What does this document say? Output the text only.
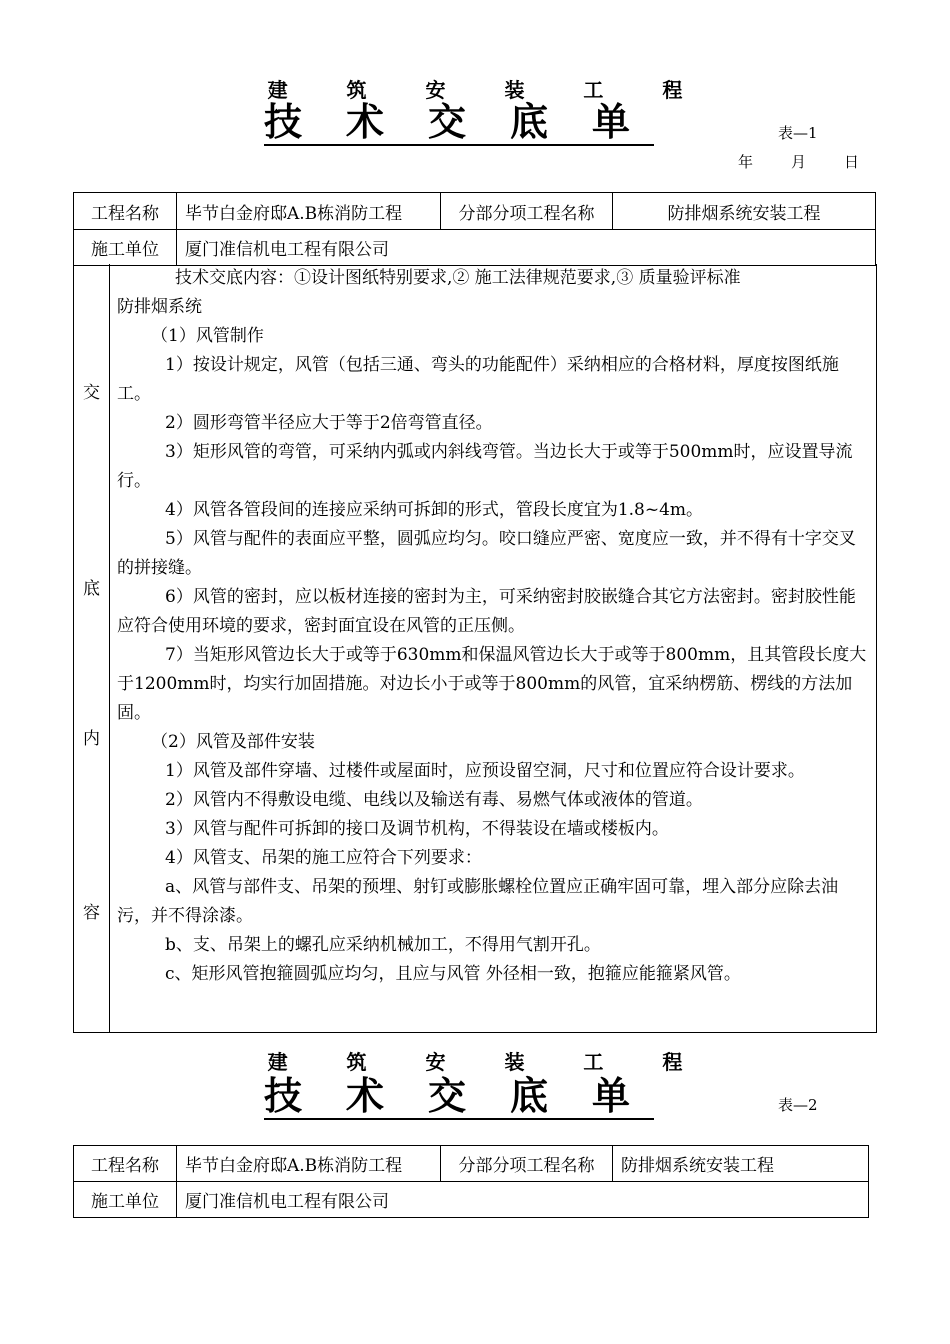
建 筑 安 装 工 程
技术交底单	表—1
年	月	日
工程名称	毕节白金府邸A.B栋消防工程	分部分项工程名称	防排烟系统安装工程
施工单位	厦门准信机电工程有限公司		
交
底
内
容

技术交底内容：①设计图纸特别要求,② 施工法律规范要求,③ 质量验评标准

防排烟系统

（1）风管制作

1）按设计规定，风管（包括三通、弯头的功能配件）采纳相应的合格材料，厚度按图纸施工。

2）圆形弯管半径应大于等于2倍弯管直径。

3）矩形风管的弯管，可采纳内弧或内斜线弯管。当边长大于或等于500mm时，应设置导流行。

4）风管各管段间的连接应采纳可拆卸的形式，管段长度宜为1.8~4m。

5）风管与配件的表面应平整，圆弧应均匀。咬口缝应严密、宽度应一致，并不得有十字交叉的拼接缝。

6）风管的密封，应以板材连接的密封为主，可采纳密封胶嵌缝合其它方法密封。密封胶性能应符合使用环境的要求，密封面宜设在风管的正压侧。

7）当矩形风管边长大于或等于630mm和保温风管边长大于或等于800mm，且其管段长度大于1200mm时，均实行加固措施。对边长小于或等于800mm的风管，宜采纳楞筋、楞线的方法加固。

（2）风管及部件安装

1）风管及部件穿墙、过楼件或屋面时，应预设留空洞，尺寸和位置应符合设计要求。

2）风管内不得敷设电缆、电线以及输送有毒、易燃气体或液体的管道。

3）风管与配件可拆卸的接口及调节机构，不得装设在墙或楼板内。

4）风管支、吊架的施工应符合下列要求：

a、风管与部件支、吊架的预埋、射钉或膨胀螺栓位置应正确牢固可靠，埋入部分应除去油污，并不得涂漆。

b、支、吊架上的螺孔应采纳机械加工，不得用气割开孔。

c、矩形风管抱箍圆弧应均匀，且应与风管 外径相一致，抱箍应能箍紧风管。

建 筑 安 装 工 程
技术交底单	表—2
工程名称	毕节白金府邸A.B栋消防工程	分部分项工程名称	防排烟系统安装工程
施工单位	厦门准信机电工程有限公司		
